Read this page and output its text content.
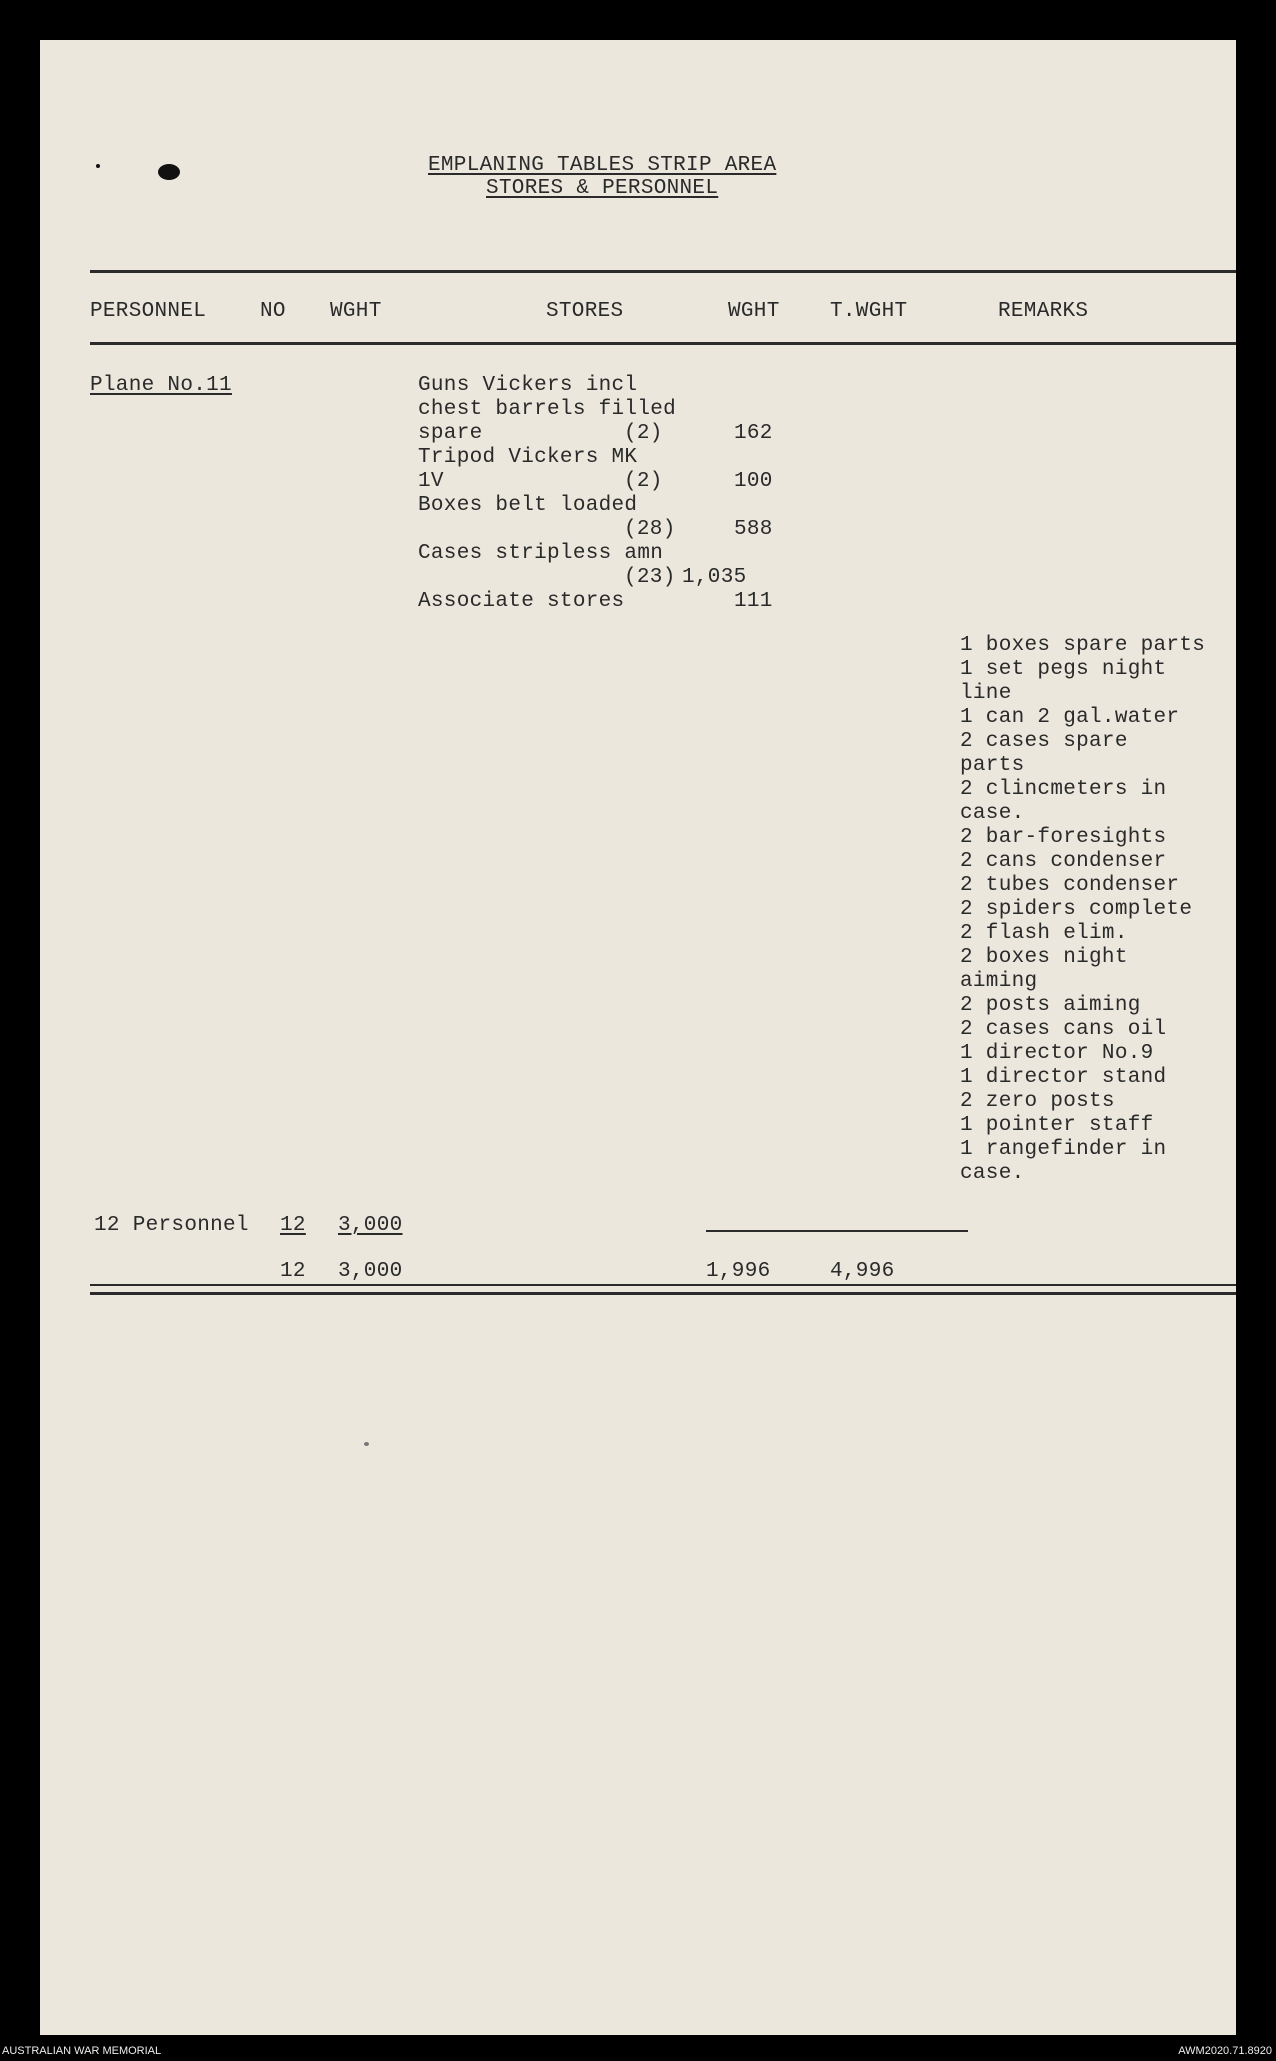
EMPLANING TABLES STRIP AREA
STORES & PERSONNEL
PERSONNEL	NO WGHT	STORES	WGHT T.WGHT	REMARKS
Plane No.11	Guns Vickers incl
chest barrels filled
spare	(2)	162
Tripod Vickers MK
1V	(2)	100
Boxes belt loaded
(28)	588
Cases stripless amn
(23) 1,035
Associate stores	111
1 boxes spare parts
1 set pegs night
line
1 can 2 gal.water
2 cases spare
parts
2 clincmeters in
case.
2 bar-foresights
2 cans condenser
2 tubes condenser
2 spiders complete
2 flash elim.
2 boxes night
aiming
2 posts aiming
2 cases cans oil
1 director No.9
1 director stand
2 zero posts
1 pointer staff
1 rangefinder in
case.
12 Personnel 12 3,000
12 3,000	1,996	4,996
AUSTRALIAN WAR MEMORIAL	AWM2020.71.8920
